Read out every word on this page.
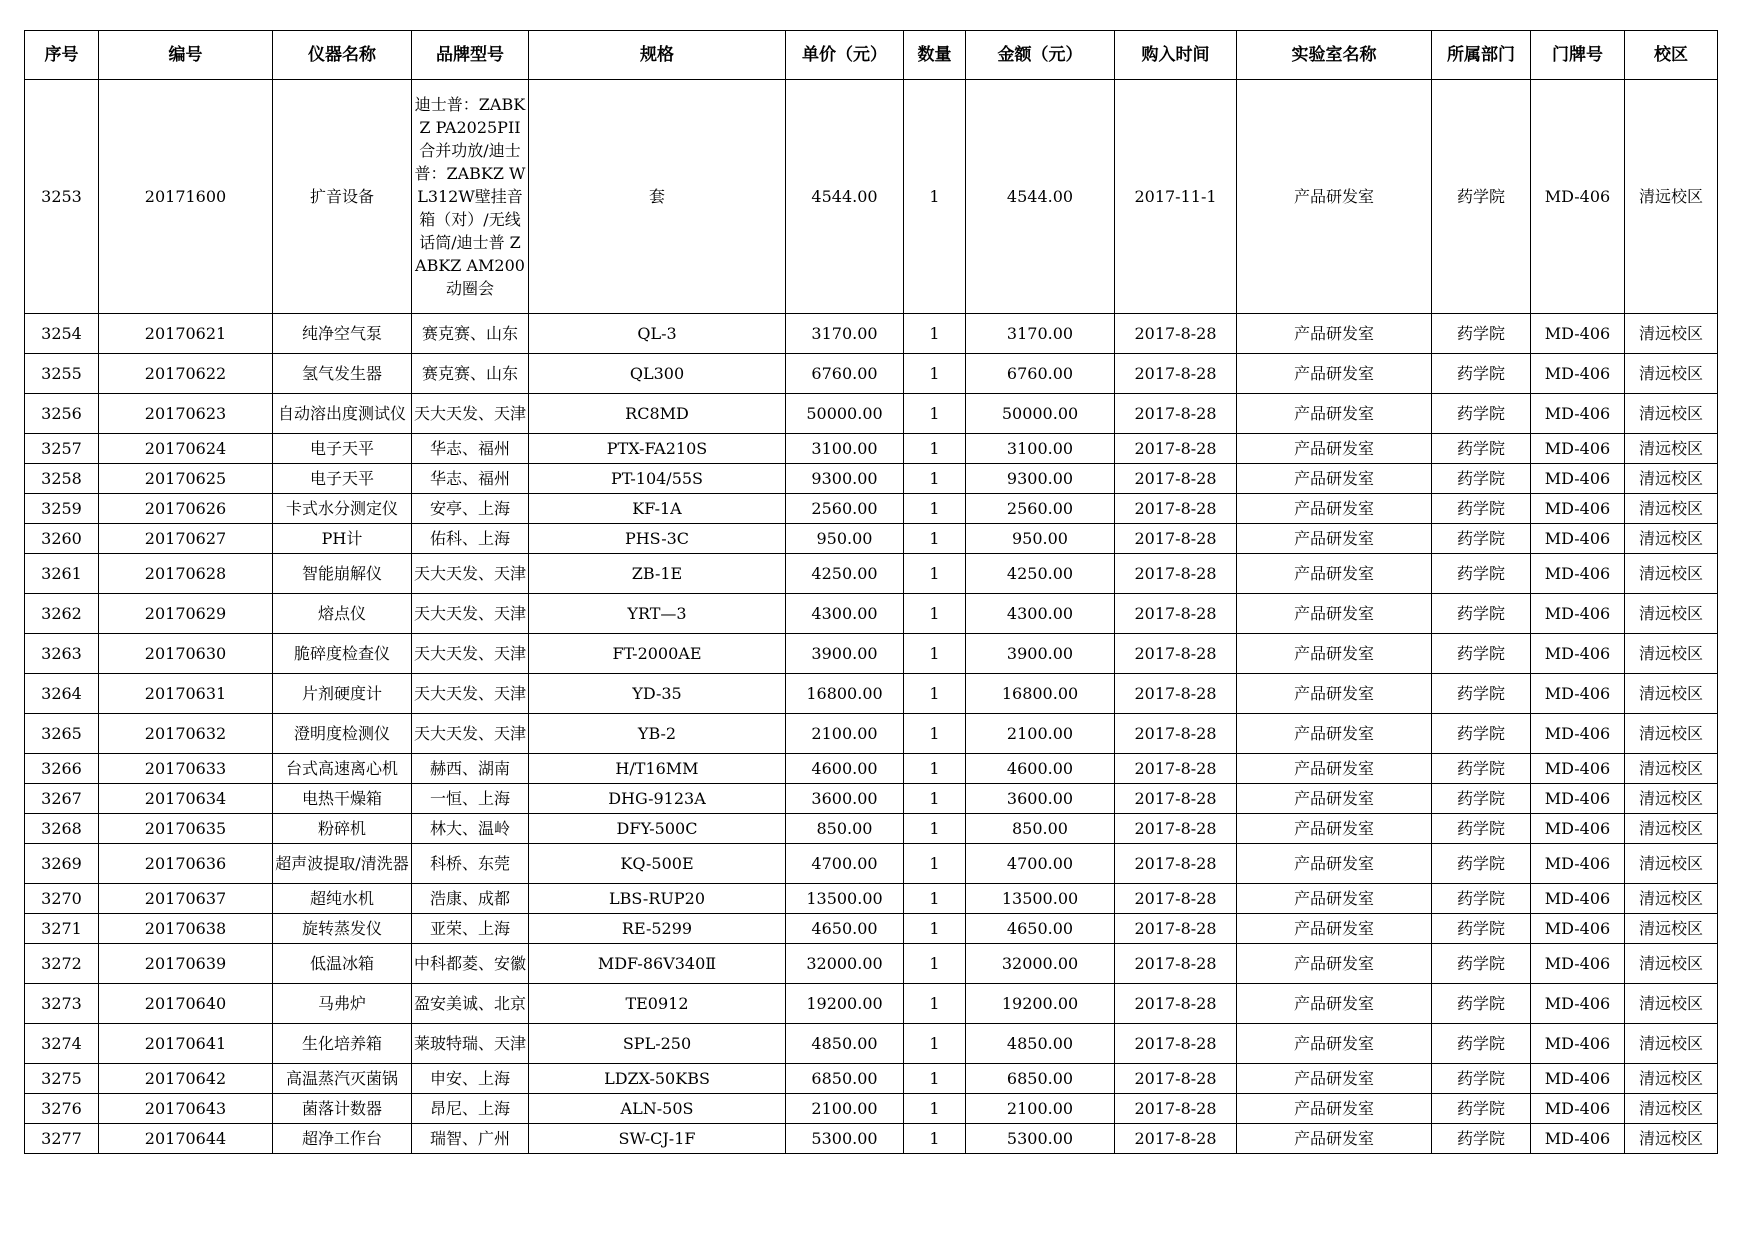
序号	编号	仪器名称	品牌型号	规格	单价（元）	数量	金额（元）	购入时间	实验室名称	所属部门	门牌号	校区
3253	20171600	扩音设备	迪士普：ZABKZ PA2025PII合并功放/迪士普：ZABKZ WL312W壁挂音箱（对）/无线话筒/迪士普 ZABKZ AM200动圈会	套	4544.00	1	4544.00	2017-11-1	产品研发室	药学院	MD-406	清远校区
3254	20170621	纯净空气泵	赛克赛、山东	QL-3	3170.00	1	3170.00	2017-8-28	产品研发室	药学院	MD-406	清远校区
3255	20170622	氢气发生器	赛克赛、山东	QL300	6760.00	1	6760.00	2017-8-28	产品研发室	药学院	MD-406	清远校区
3256	20170623	自动溶出度测试仪	天大天发、天津	RC8MD	50000.00	1	50000.00	2017-8-28	产品研发室	药学院	MD-406	清远校区
3257	20170624	电子天平	华志、福州	PTX-FA210S	3100.00	1	3100.00	2017-8-28	产品研发室	药学院	MD-406	清远校区
3258	20170625	电子天平	华志、福州	PT-104/55S	9300.00	1	9300.00	2017-8-28	产品研发室	药学院	MD-406	清远校区
3259	20170626	卡式水分测定仪	安亭、上海	KF-1A	2560.00	1	2560.00	2017-8-28	产品研发室	药学院	MD-406	清远校区
3260	20170627	PH计	佑科、上海	PHS-3C	950.00	1	950.00	2017-8-28	产品研发室	药学院	MD-406	清远校区
3261	20170628	智能崩解仪	天大天发、天津	ZB-1E	4250.00	1	4250.00	2017-8-28	产品研发室	药学院	MD-406	清远校区
3262	20170629	熔点仪	天大天发、天津	YRT—3	4300.00	1	4300.00	2017-8-28	产品研发室	药学院	MD-406	清远校区
3263	20170630	脆碎度检查仪	天大天发、天津	FT-2000AE	3900.00	1	3900.00	2017-8-28	产品研发室	药学院	MD-406	清远校区
3264	20170631	片剂硬度计	天大天发、天津	YD-35	16800.00	1	16800.00	2017-8-28	产品研发室	药学院	MD-406	清远校区
3265	20170632	澄明度检测仪	天大天发、天津	YB-2	2100.00	1	2100.00	2017-8-28	产品研发室	药学院	MD-406	清远校区
3266	20170633	台式高速离心机	赫西、湖南	H/T16MM	4600.00	1	4600.00	2017-8-28	产品研发室	药学院	MD-406	清远校区
3267	20170634	电热干燥箱	一恒、上海	DHG-9123A	3600.00	1	3600.00	2017-8-28	产品研发室	药学院	MD-406	清远校区
3268	20170635	粉碎机	林大、温岭	DFY-500C	850.00	1	850.00	2017-8-28	产品研发室	药学院	MD-406	清远校区
3269	20170636	超声波提取/清洗器	科桥、东莞	KQ-500E	4700.00	1	4700.00	2017-8-28	产品研发室	药学院	MD-406	清远校区
3270	20170637	超纯水机	浩康、成都	LBS-RUP20	13500.00	1	13500.00	2017-8-28	产品研发室	药学院	MD-406	清远校区
3271	20170638	旋转蒸发仪	亚荣、上海	RE-5299	4650.00	1	4650.00	2017-8-28	产品研发室	药学院	MD-406	清远校区
3272	20170639	低温冰箱	中科都菱、安徽	MDF-86V340Ⅱ	32000.00	1	32000.00	2017-8-28	产品研发室	药学院	MD-406	清远校区
3273	20170640	马弗炉	盈安美诚、北京	TE0912	19200.00	1	19200.00	2017-8-28	产品研发室	药学院	MD-406	清远校区
3274	20170641	生化培养箱	莱玻特瑞、天津	SPL-250	4850.00	1	4850.00	2017-8-28	产品研发室	药学院	MD-406	清远校区
3275	20170642	高温蒸汽灭菌锅	申安、上海	LDZX-50KBS	6850.00	1	6850.00	2017-8-28	产品研发室	药学院	MD-406	清远校区
3276	20170643	菌落计数器	昂尼、上海	ALN-50S	2100.00	1	2100.00	2017-8-28	产品研发室	药学院	MD-406	清远校区
3277	20170644	超净工作台	瑞智、广州	SW-CJ-1F	5300.00	1	5300.00	2017-8-28	产品研发室	药学院	MD-406	清远校区
